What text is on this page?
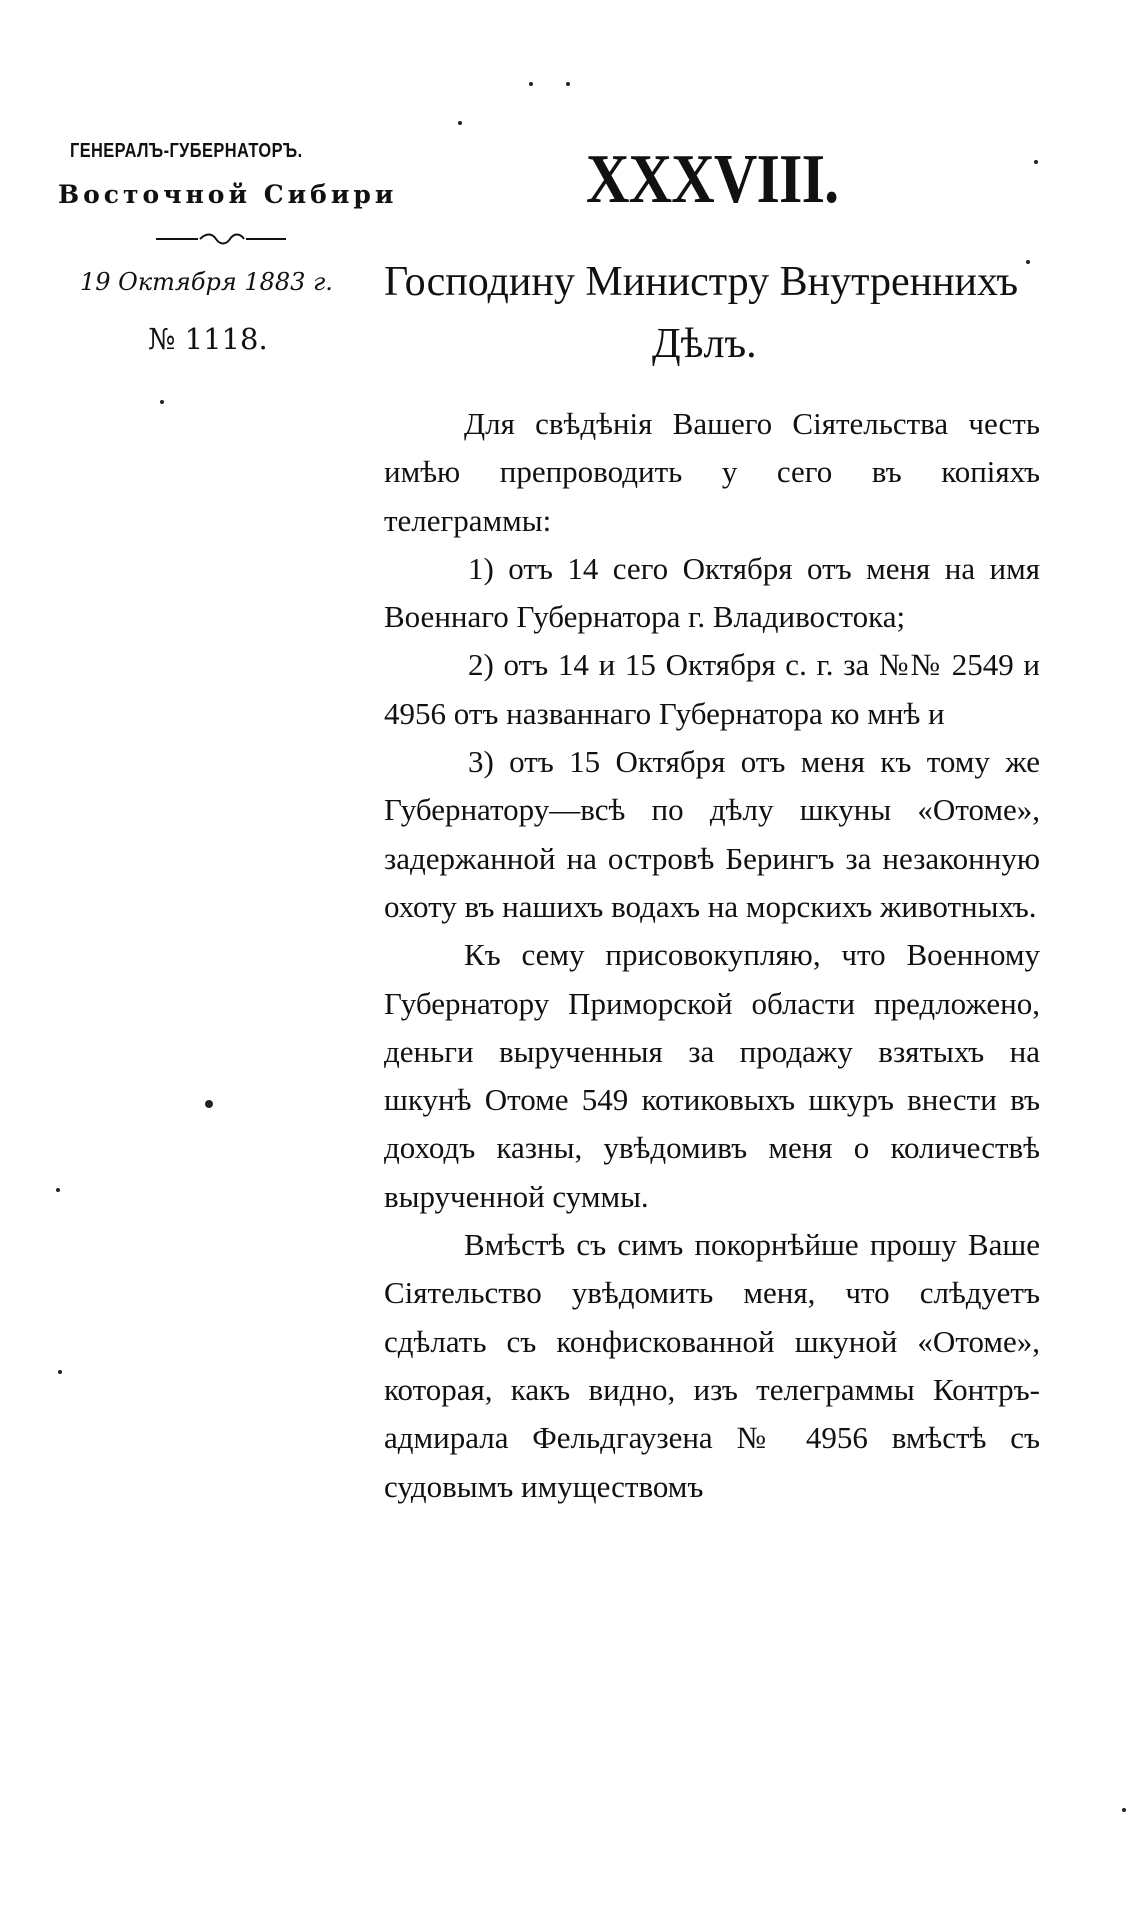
ГЕНЕРАЛЪ-ГУБЕРНАТОРЪ.
Восточной Сибири
19 Октября 1883 г.
№ 1118.
XXXVIII.
Господину Министру Внутреннихъ
Дѣлъ.

Для свѣдѣнія Вашего Сіятельства честь имѣю препроводить у сего въ копіяхъ телеграммы:

1) отъ 14 сего Октября отъ меня на имя Военнаго Губернатора г. Владивостока;

2) отъ 14 и 15 Октября с. г. за №№ 2549 и 4956 отъ названнаго Губернатора ко мнѣ и

3) отъ 15 Октября отъ меня къ тому же Губернатору—всѣ по дѣлу шкуны «Отоме», задержанной на островѣ Берингъ за незаконную охоту въ нашихъ водахъ на морскихъ животныхъ.

Къ сему присовокупляю, что Военному Губернатору Приморской области предложено, деньги вырученныя за продажу взятыхъ на шкунѣ Отоме 549 котиковыхъ шкуръ внести въ доходъ казны, увѣдомивъ меня о количествѣ вырученной суммы.

Вмѣстѣ съ симъ покорнѣйше прошу Ваше Сіятельство увѣдомить меня, что слѣдуетъ сдѣлать съ конфискованной шкуной «Отоме», которая, какъ видно, изъ телеграммы Контръ-адмирала Фельдгаузена № 4956 вмѣстѣ съ судовымъ имуществомъ
